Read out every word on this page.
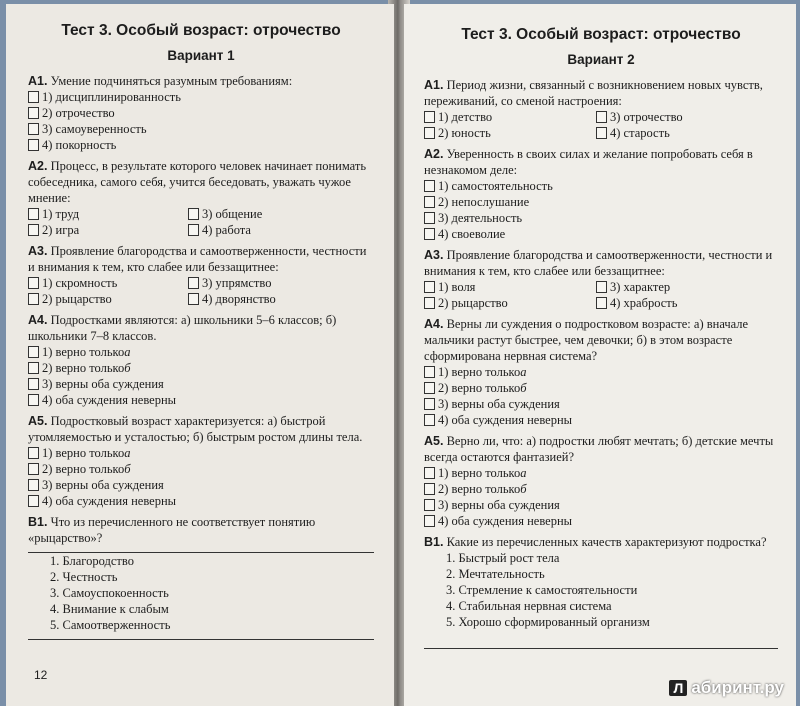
Тест 3. Особый возраст: отрочество
Вариант 1
А1. Умение подчиняться разумным требованиям:
1) дисциплинированность
2) отрочество
3) самоуверенность
4) покорность
А2. Процесс, в результате которого человек начинает понимать собеседника, самого себя, учится беседовать, уважать чужое мнение:
1) труд	3) общение
2) игра	4) работа
А3. Проявление благородства и самоотверженности, честности и внимания к тем, кто слабее или беззащитнее:
1) скромность	3) упрямство
2) рыцарство	4) дворянство
А4. Подростками являются: а) школьники 5–6 классов; б) школьники 7–8 классов.
1) верно только а
2) верно только б
3) верны оба суждения
4) оба суждения неверны
А5. Подростковый возраст характеризуется: а) быстрой утомляемостью и усталостью; б) быстрым ростом длины тела.
1) верно только а
2) верно только б
3) верны оба суждения
4) оба суждения неверны
В1. Что из перечисленного не соответствует понятию «рыцарство»?
1. Благородство
2. Честность
3. Самоуспокоенность
4. Внимание к слабым
5. Самоотверженность
12
Тест 3. Особый возраст: отрочество
Вариант 2
А1. Период жизни, связанный с возникновением новых чувств, переживаний, со сменой настроения:
1) детство	3) отрочество
2) юность	4) старость
А2. Уверенность в своих силах и желание попробовать себя в незнакомом деле:
1) самостоятельность
2) непослушание
3) деятельность
4) своеволие
А3. Проявление благородства и самоотверженности, честности и внимания к тем, кто слабее или беззащитнее:
1) воля	3) характер
2) рыцарство	4) храбрость
А4. Верны ли суждения о подростковом возрасте: а) вначале мальчики растут быстрее, чем девочки; б) в этом возрасте сформирована нервная система?
1) верно только а
2) верно только б
3) верны оба суждения
4) оба суждения неверны
А5. Верно ли, что: а) подростки любят мечтать; б) детские мечты всегда остаются фантазией?
1) верно только а
2) верно только б
3) верны оба суждения
4) оба суждения неверны
В1. Какие из перечисленных качеств характеризуют подростка?
1. Быстрый рост тела
2. Мечтательность
3. Стремление к самостоятельности
4. Стабильная нервная система
5. Хорошо сформированный организм
Л абиринт.ру
